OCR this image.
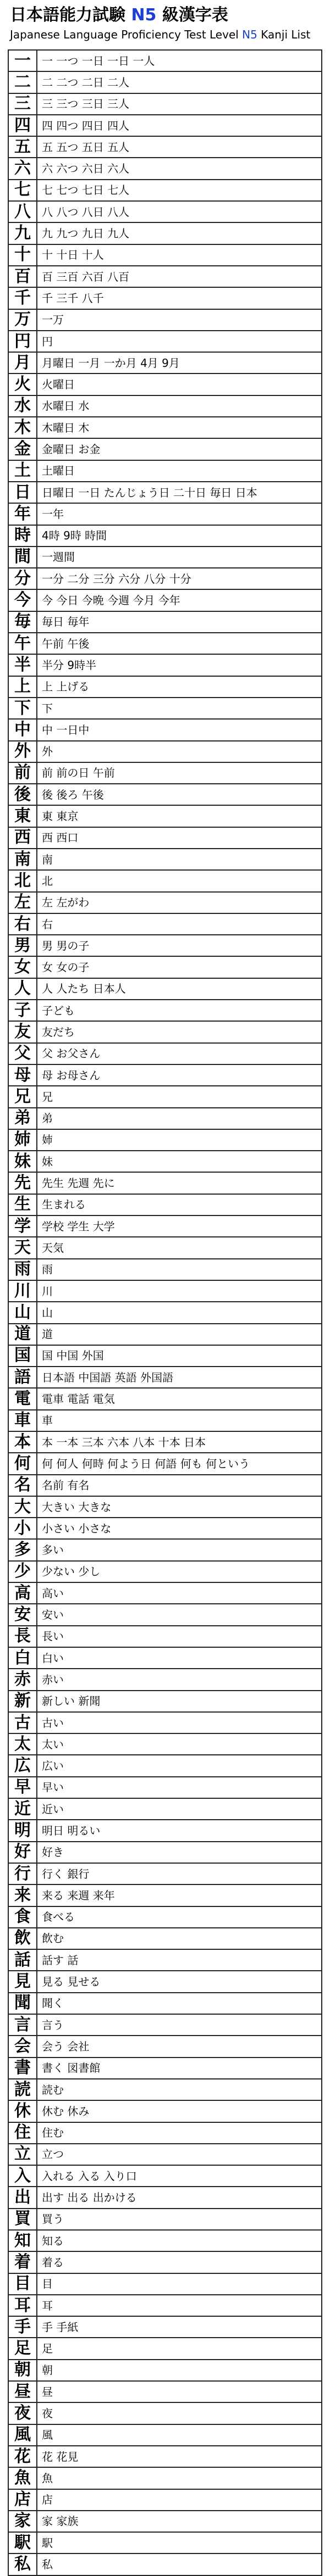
日本語能力試験 N5 級漢字表
Japanese Language Proficiency Test Level N5 Kanji List
一	一 一つ 一日 一日 一人
二	二 二つ 二日 二人
三	三 三つ 三日 三人
四	四 四つ 四日 四人
五	五 五つ 五日 五人
六	六 六つ 六日 六人
七	七 七つ 七日 七人
八	八 八つ 八日 八人
九	九 九つ 九日 九人
十	十 十日 十人
百	百 三百 六百 八百
千	千 三千 八千
万	一万
円	円
月	月曜日 一月 一か月 4月 9月
火	火曜日
水	水曜日 水
木	木曜日 木
金	金曜日 お金
土	土曜日
日	日曜日 一日 たんじょう日 二十日 毎日 日本
年	一年
時	4時 9時 時間
間	一週間
分	一分 二分 三分 六分 八分 十分
今	今 今日 今晩 今週 今月 今年
毎	毎日 毎年
午	午前 午後
半	半分 9時半
上	上 上げる
下	下
中	中 一日中
外	外
前	前 前の日 午前
後	後 後ろ 午後
東	東 東京
西	西 西口
南	南
北	北
左	左 左がわ
右	右
男	男 男の子
女	女 女の子
人	人 人たち 日本人
子	子ども
友	友だち
父	父 お父さん
母	母 お母さん
兄	兄
弟	弟
姉	姉
妹	妹
先	先生 先週 先に
生	生まれる
学	学校 学生 大学
天	天気
雨	雨
川	川
山	山
道	道
国	国 中国 外国
語	日本語 中国語 英語 外国語
電	電車 電話 電気
車	車
本	本 一本 三本 六本 八本 十本 日本
何	何 何人 何時 何よう日 何語 何も 何という
名	名前 有名
大	大きい 大きな
小	小さい 小さな
多	多い
少	少ない 少し
高	高い
安	安い
長	長い
白	白い
赤	赤い
新	新しい 新聞
古	古い
太	太い
広	広い
早	早い
近	近い
明	明日 明るい
好	好き
行	行く 銀行
来	来る 来週 来年
食	食べる
飲	飲む
話	話す 話
見	見る 見せる
聞	聞く
言	言う
会	会う 会社
書	書く 図書館
読	読む
休	休む 休み
住	住む
立	立つ
入	入れる 入る 入り口
出	出す 出る 出かける
買	買う
知	知る
着	着る
目	目
耳	耳
手	手 手紙
足	足
朝	朝
昼	昼
夜	夜
風	風
花	花 花見
魚	魚
店	店
家	家 家族
駅	駅
私	私
